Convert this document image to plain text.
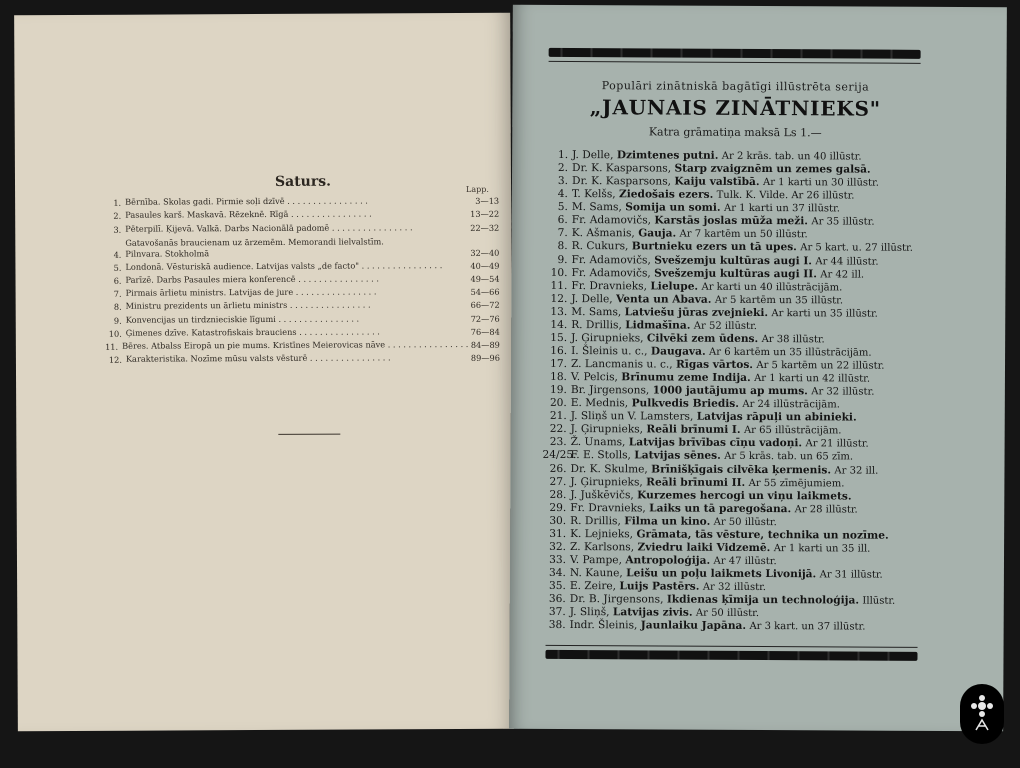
Saturs.	Lapp.
1. Bērnība. Skolas gadi. Pirmie soļi dzīvē . . . . . . . . . . . . . . . .	3—13
2. Pasaules karš. Maskavā. Rēzeknē. Rīgā . . . . . . . . . . . . . . . .	13—22
3. Pēterpilī. Ķijevā. Valkā. Darbs Nacionālā padomē . . . . . . . . . . . . . . . .	22—32
4.
Gatavošanās braucienam uz ārzemēm. Memorandi lielvalstīm.
Pilnvara. Stokholmā	32—40
5. Londonā. Vēsturiskā audience. Latvijas valsts „de facto" . . . . . . . . . . . . . . . .	40—49
6. Parīzē. Darbs Pasaules miera konferencē . . . . . . . . . . . . . . . .	49—54
7. Pirmais ārlietu ministrs. Latvijas de jure . . . . . . . . . . . . . . . .	54—66
8. Ministru prezidents un ārlietu ministrs . . . . . . . . . . . . . . . .	66—72
9. Konvencijas un tirdznieciskie līgumi . . . . . . . . . . . . . . . .	72—76
10. Ģimenes dzīve. Katastrofiskais brauciens . . . . . . . . . . . . . . . .	76—84
11. Bēres. Atbalss Eiropā un pie mums. Kristīnes Meierovicas nāve . . . . . . . . . . . . . . . . 84—89
12. Karakteristika. Nozīme mūsu valsts vēsturē . . . . . . . . . . . . . . . .	89—96
Populāri zinātniskā bagātīgi illūstrēta serija
„JAUNAIS ZINĀTNIEKS"
Katra grāmatiņa maksā Ls 1.—
1. J. Delle, Dzimtenes putni. Ar 2 krās. tab. un 40 illūstr.
2. Dr. K. Kasparsons, Starp zvaigznēm un zemes galsā.
3. Dr. K. Kasparsons, Kaiju valstībā. Ar 1 karti un 30 illūstr.
4. T. Kelšs, Ziedošais ezers. Tulk. K. Vilde. Ar 26 illūstr.
5. M. Sams, Somija un somi. Ar 1 karti un 37 illūstr.
6. Fr. Adamovičs, Karstās joslas mūža meži. Ar 35 illūstr.
7. K. Ašmanis, Gauja. Ar 7 kartēm un 50 illūstr.
8. R. Cukurs, Burtnieku ezers un tā upes. Ar 5 kart. u. 27 illūstr.
9. Fr. Adamovičs, Svešzemju kultūras augi I. Ar 44 illūstr.
10. Fr. Adamovičs, Svešzemju kultūras augi II. Ar 42 ill.
11. Fr. Dravnieks, Lielupe. Ar karti un 40 illūstrācijām.
12. J. Delle, Venta un Abava. Ar 5 kartēm un 35 illūstr.
13. M. Sams, Latviešu jūras zvejnieki. Ar karti un 35 illūstr.
14. R. Drillis, Lidmašīna. Ar 52 illūstr.
15. J. Ģirupnieks, Cilvēki zem ūdens. Ar 38 illūstr.
16. I. Šleinis u. c., Daugava. Ar 6 kartēm un 35 illūstrācijām.
17. Z. Lancmanis u. c., Rīgas vārtos. Ar 5 kartēm un 22 illūstr.
18. V. Pelcis, Brīnumu zeme Indija. Ar 1 karti un 42 illūstr.
19. Br. Jirgensons, 1000 jautājumu ap mums. Ar 32 illūstr.
20. E. Mednis, Pulkvedis Briedis. Ar 24 illūstrācijām.
21. J. Sliņš un V. Lamsters, Latvijas rāpuļi un abinieki.
22. J. Ģirupnieks, Reāli brīnumi I. Ar 65 illūstrācijām.
23. Ž. Unams, Latvijas brīvības cīņu vadoņi. Ar 21 illūstr.
24/25.
F. E. Stolls, Latvijas sēnes. Ar 5 krās. tab. un 65 zīm.
26. Dr. K. Skulme, Brīnišķīgais cilvēka ķermenis. Ar 32 ill.
27. J. Ģirupnieks, Reāli brīnumi II. Ar 55 zīmējumiem.
28. J. Juškēvičs, Kurzemes hercogi un viņu laikmets.
29. Fr. Dravnieks, Laiks un tā paregošana. Ar 28 illūstr.
30. R. Drillis, Filma un kino. Ar 50 illūstr.
31. K. Lejnieks, Grāmata, tās vēsture, technika un nozīme.
32. Z. Karlsons, Zviedru laiki Vidzemē. Ar 1 karti un 35 ill.
33. V. Pampe, Antropoloģija. Ar 47 illūstr.
34. N. Kaune, Leišu un poļu laikmets Livonijā. Ar 31 illūstr.
35. E. Zeire, Luijs Pastērs. Ar 32 illūstr.
36. Dr. B. Jirgensons, Ikdienas ķīmija un technoloģija. Illūstr.
37. J. Sliņš, Latvijas zivis. Ar 50 illūstr.
38. Indr. Šleinis, Jaunlaiku Japāna. Ar 3 kart. un 37 illūstr.
